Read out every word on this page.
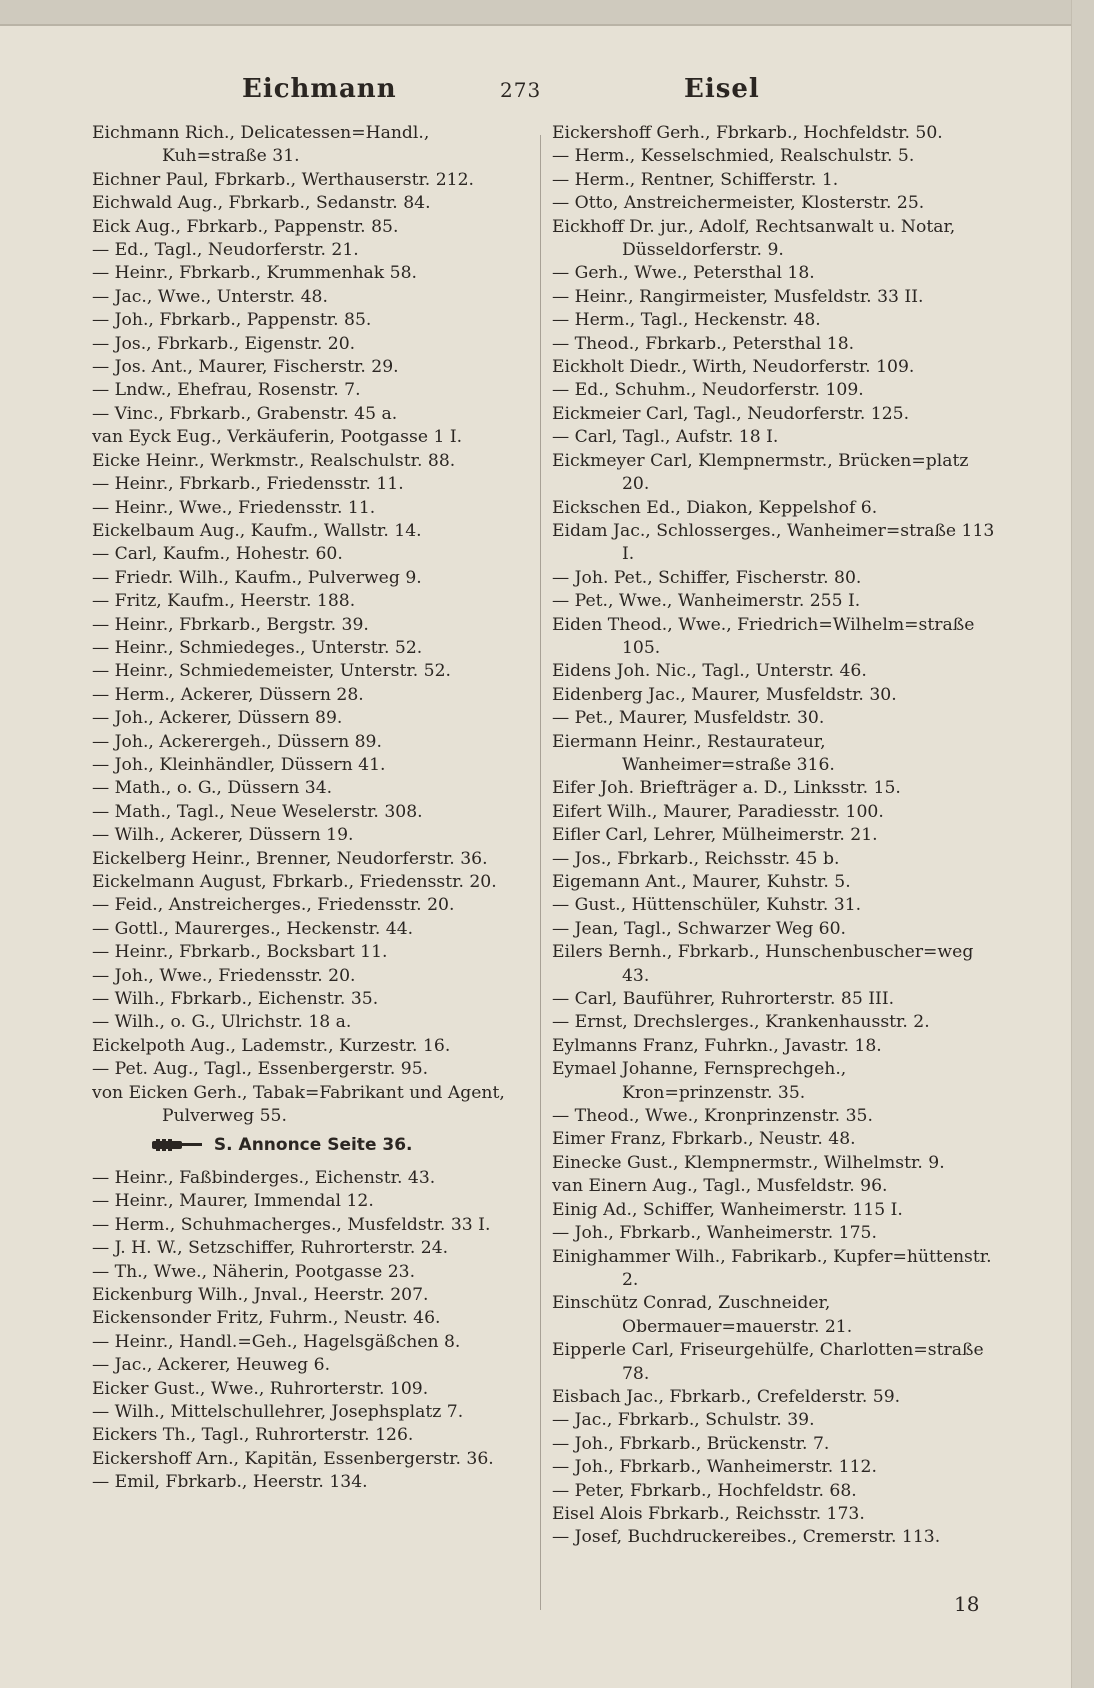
Eichmann	273	Eisel
Eichmann Rich., Delicatessen=Handl., Kuh=straße 31.
Eichner Paul, Fbrkarb., Werthauserstr. 212.
Eichwald Aug., Fbrkarb., Sedanstr. 84.
Eick Aug., Fbrkarb., Pappenstr. 85.
— Ed., Tagl., Neudorferstr. 21.
— Heinr., Fbrkarb., Krummenhak 58.
— Jac., Wwe., Unterstr. 48.
— Joh., Fbrkarb., Pappenstr. 85.
— Jos., Fbrkarb., Eigenstr. 20.
— Jos. Ant., Maurer, Fischerstr. 29.
— Lndw., Ehefrau, Rosenstr. 7.
— Vinc., Fbrkarb., Grabenstr. 45 a.
van Eyck Eug., Verkäuferin, Pootgasse 1 I.
Eicke Heinr., Werkmstr., Realschulstr. 88.
— Heinr., Fbrkarb., Friedensstr. 11.
— Heinr., Wwe., Friedensstr. 11.
Eickelbaum Aug., Kaufm., Wallstr. 14.
— Carl, Kaufm., Hohestr. 60.
— Friedr. Wilh., Kaufm., Pulverweg 9.
— Fritz, Kaufm., Heerstr. 188.
— Heinr., Fbrkarb., Bergstr. 39.
— Heinr., Schmiedeges., Unterstr. 52.
— Heinr., Schmiedemeister, Unterstr. 52.
— Herm., Ackerer, Düssern 28.
— Joh., Ackerer, Düssern 89.
— Joh., Ackerergeh., Düssern 89.
— Joh., Kleinhändler, Düssern 41.
— Math., o. G., Düssern 34.
— Math., Tagl., Neue Weselerstr. 308.
— Wilh., Ackerer, Düssern 19.
Eickelberg Heinr., Brenner, Neudorferstr. 36.
Eickelmann August, Fbrkarb., Friedensstr. 20.
— Feid., Anstreicherges., Friedensstr. 20.
— Gottl., Maurerges., Heckenstr. 44.
— Heinr., Fbrkarb., Bocksbart 11.
— Joh., Wwe., Friedensstr. 20.
— Wilh., Fbrkarb., Eichenstr. 35.
— Wilh., o. G., Ulrichstr. 18 a.
Eickelpoth Aug., Lademstr., Kurzestr. 16.
— Pet. Aug., Tagl., Essenbergerstr. 95.
von Eicken Gerh., Tabak=Fabrikant und Agent, Pulverweg 55.
S. Annonce Seite 36.
— Heinr., Faßbinderges., Eichenstr. 43.
— Heinr., Maurer, Immendal 12.
— Herm., Schuhmacherges., Musfeldstr. 33 I.
— J. H. W., Setzschiffer, Ruhrorterstr. 24.
— Th., Wwe., Näherin, Pootgasse 23.
Eickenburg Wilh., Jnval., Heerstr. 207.
Eickensonder Fritz, Fuhrm., Neustr. 46.
— Heinr., Handl.=Geh., Hagelsgäßchen 8.
— Jac., Ackerer, Heuweg 6.
Eicker Gust., Wwe., Ruhrorterstr. 109.
— Wilh., Mittelschullehrer, Josephsplatz 7.
Eickers Th., Tagl., Ruhrorterstr. 126.
Eickershoff Arn., Kapitän, Essenbergerstr. 36.
— Emil, Fbrkarb., Heerstr. 134.
Eickershoff Gerh., Fbrkarb., Hochfeldstr. 50.
— Herm., Kesselschmied, Realschulstr. 5.
— Herm., Rentner, Schifferstr. 1.
— Otto, Anstreichermeister, Klosterstr. 25.
Eickhoff Dr. jur., Adolf, Rechtsanwalt u. Notar, Düsseldorferstr. 9.
— Gerh., Wwe., Petersthal 18.
— Heinr., Rangirmeister, Musfeldstr. 33 II.
— Herm., Tagl., Heckenstr. 48.
— Theod., Fbrkarb., Petersthal 18.
Eickholt Diedr., Wirth, Neudorferstr. 109.
— Ed., Schuhm., Neudorferstr. 109.
Eickmeier Carl, Tagl., Neudorferstr. 125.
— Carl, Tagl., Aufstr. 18 I.
Eickmeyer Carl, Klempnermstr., Brücken=platz 20.
Eickschen Ed., Diakon, Keppelshof 6.
Eidam Jac., Schlosserges., Wanheimer=straße 113 I.
— Joh. Pet., Schiffer, Fischerstr. 80.
— Pet., Wwe., Wanheimerstr. 255 I.
Eiden Theod., Wwe., Friedrich=Wilhelm=straße 105.
Eidens Joh. Nic., Tagl., Unterstr. 46.
Eidenberg Jac., Maurer, Musfeldstr. 30.
— Pet., Maurer, Musfeldstr. 30.
Eiermann Heinr., Restaurateur, Wanheimer=straße 316.
Eifer Joh. Briefträger a. D., Linksstr. 15.
Eifert Wilh., Maurer, Paradiesstr. 100.
Eifler Carl, Lehrer, Mülheimerstr. 21.
— Jos., Fbrkarb., Reichsstr. 45 b.
Eigemann Ant., Maurer, Kuhstr. 5.
— Gust., Hüttenschüler, Kuhstr. 31.
— Jean, Tagl., Schwarzer Weg 60.
Eilers Bernh., Fbrkarb., Hunschenbuscher=weg 43.
— Carl, Bauführer, Ruhrorterstr. 85 III.
— Ernst, Drechslerges., Krankenhausstr. 2.
Eylmanns Franz, Fuhrkn., Javastr. 18.
Eymael Johanne, Fernsprechgeh., Kron=prinzenstr. 35.
— Theod., Wwe., Kronprinzenstr. 35.
Eimer Franz, Fbrkarb., Neustr. 48.
Einecke Gust., Klempnermstr., Wilhelmstr. 9.
van Einern Aug., Tagl., Musfeldstr. 96.
Einig Ad., Schiffer, Wanheimerstr. 115 I.
— Joh., Fbrkarb., Wanheimerstr. 175.
Einighammer Wilh., Fabrikarb., Kupfer=hüttenstr. 2.
Einschütz Conrad, Zuschneider, Obermauer=mauerstr. 21.
Eipperle Carl, Friseurgehülfe, Charlotten=straße 78.
Eisbach Jac., Fbrkarb., Crefelderstr. 59.
— Jac., Fbrkarb., Schulstr. 39.
— Joh., Fbrkarb., Brückenstr. 7.
— Joh., Fbrkarb., Wanheimerstr. 112.
— Peter, Fbrkarb., Hochfeldstr. 68.
Eisel Alois Fbrkarb., Reichsstr. 173.
— Josef, Buchdruckereibes., Cremerstr. 113.
18
